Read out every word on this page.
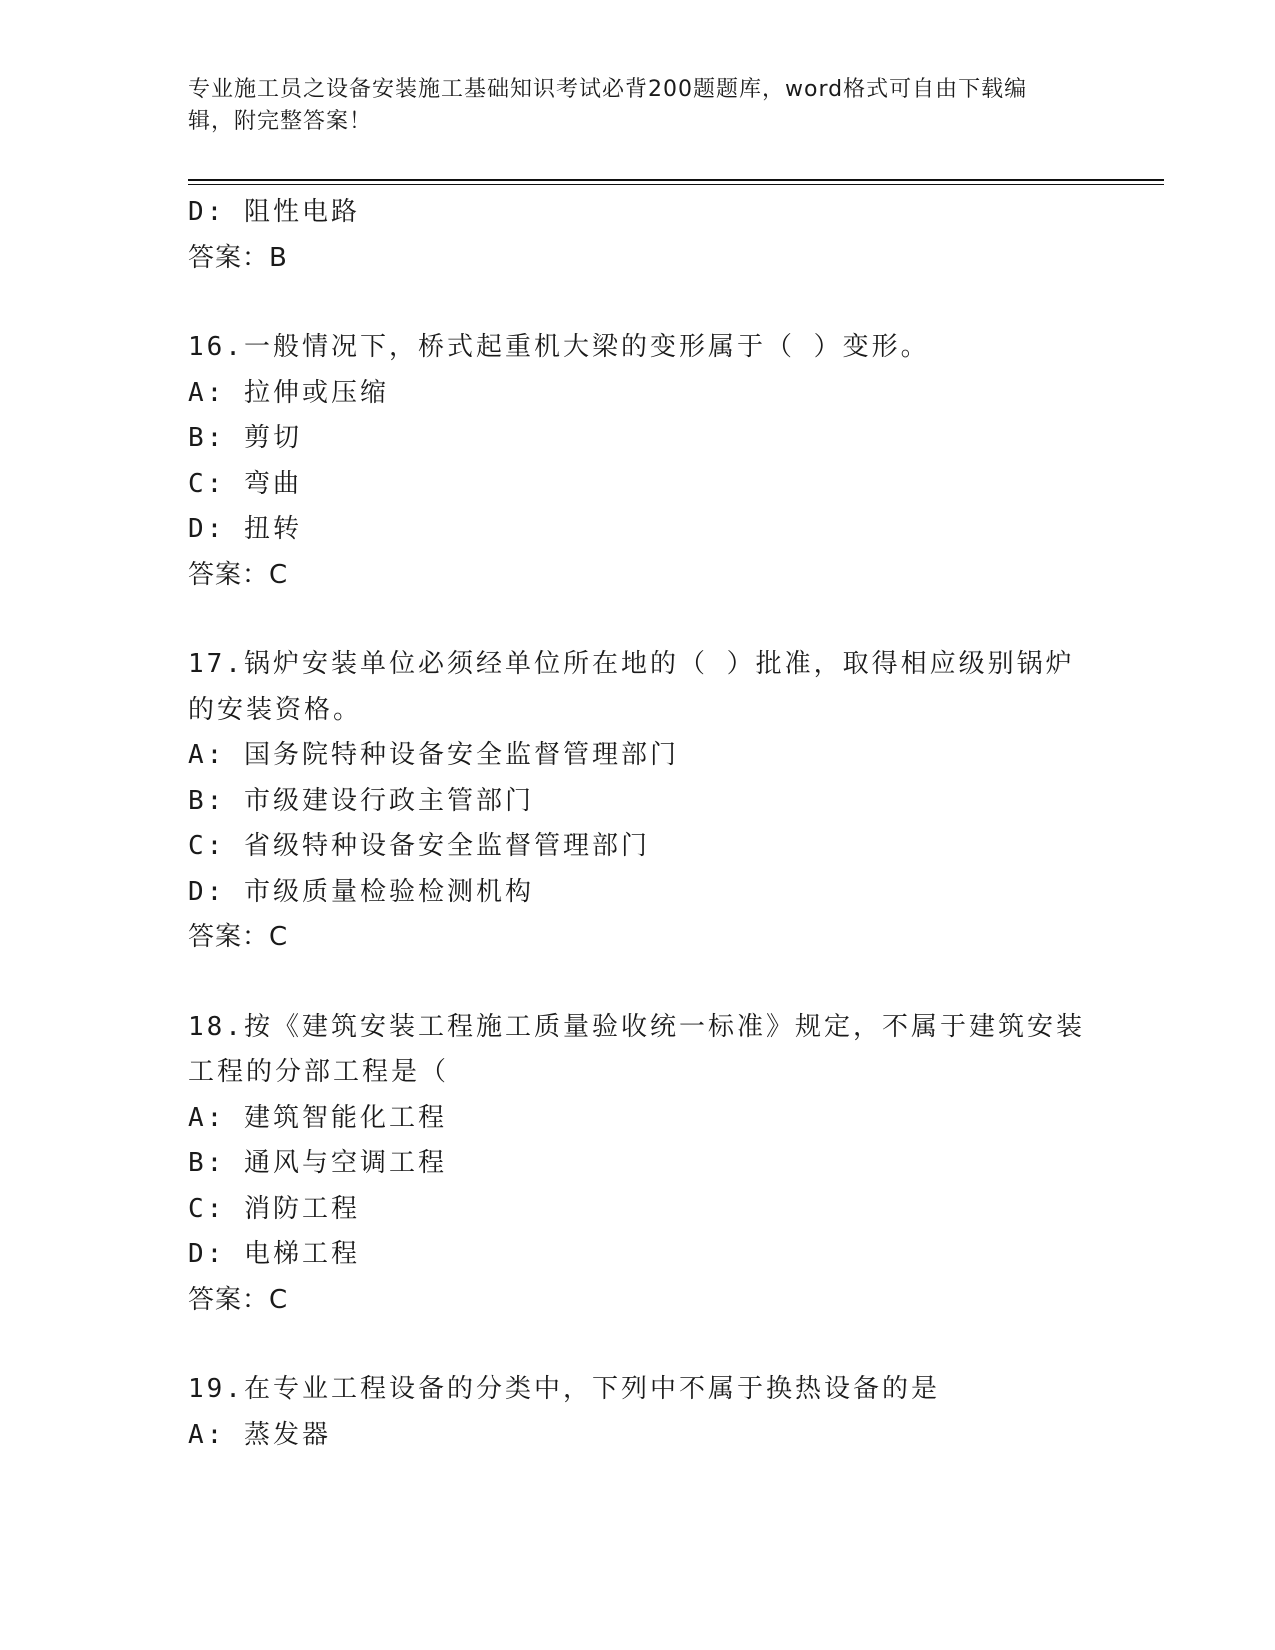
专业施工员之设备安装施工基础知识考试必背200题题库，word格式可自由下载编辑，附完整答案！

D: 阻性电路

答案：B

16.一般情况下，桥式起重机大梁的变形属于（ ）变形。

A: 拉伸或压缩

B: 剪切

C: 弯曲

D: 扭转

答案：C

17.锅炉安装单位必须经单位所在地的（ ）批准，取得相应级别锅炉

的安装资格。

A: 国务院特种设备安全监督管理部门

B: 市级建设行政主管部门

C: 省级特种设备安全监督管理部门

D: 市级质量检验检测机构

答案：C

18.按《建筑安装工程施工质量验收统一标准》规定，不属于建筑安装

工程的分部工程是（

A: 建筑智能化工程

B: 通风与空调工程

C: 消防工程

D: 电梯工程

答案：C

19.在专业工程设备的分类中，下列中不属于换热设备的是

A: 蒸发器
